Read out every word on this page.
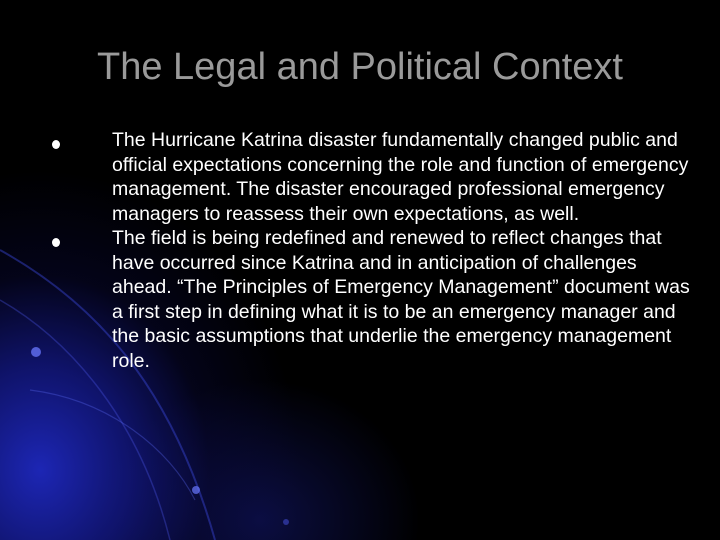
The Legal and Political Context
The Hurricane Katrina disaster fundamentally changed public and official expectations concerning the role and function of emergency management. The disaster encouraged professional emergency managers to reassess their own expectations, as well.
The field is being redefined and renewed to reflect changes that have occurred since Katrina and in anticipation of challenges ahead. “The Principles of Emergency Management” document was a first step in defining what it is to be an emergency manager and the basic assumptions that underlie the emergency management role.
